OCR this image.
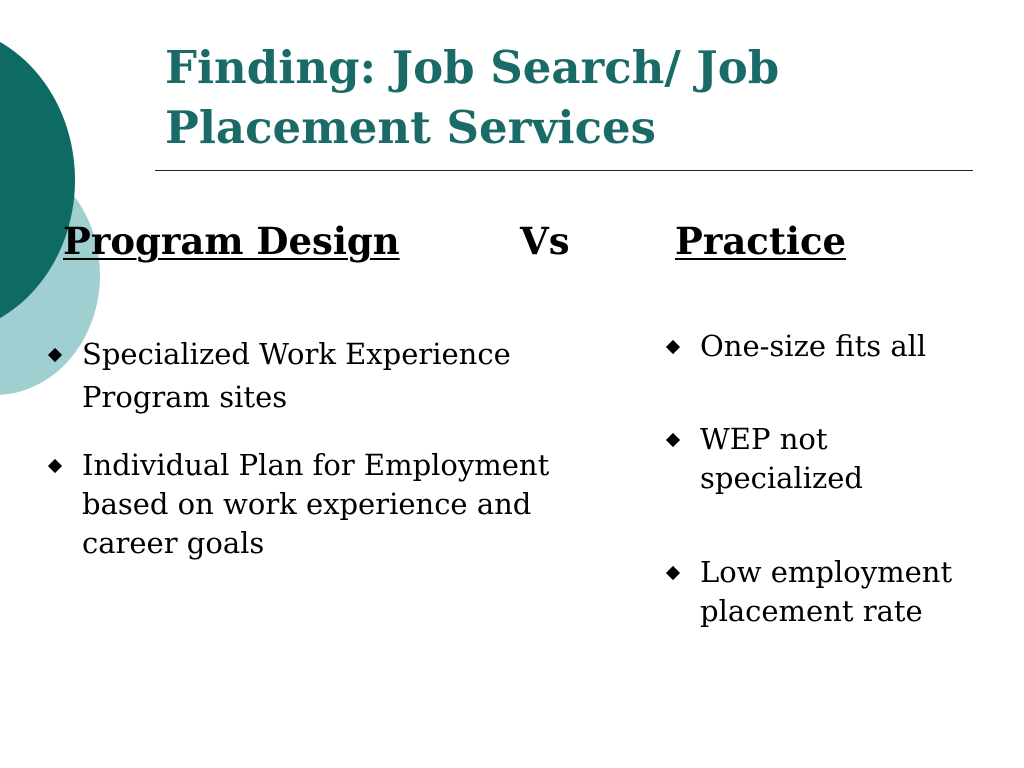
Finding: Job Search/ Job Placement Services
Program Design	Vs	Practice
Specialized Work Experience
Program sites
Individual Plan for Employment based on work experience and career goals
One-size fits all
WEP not specialized
Low employment placement rate
